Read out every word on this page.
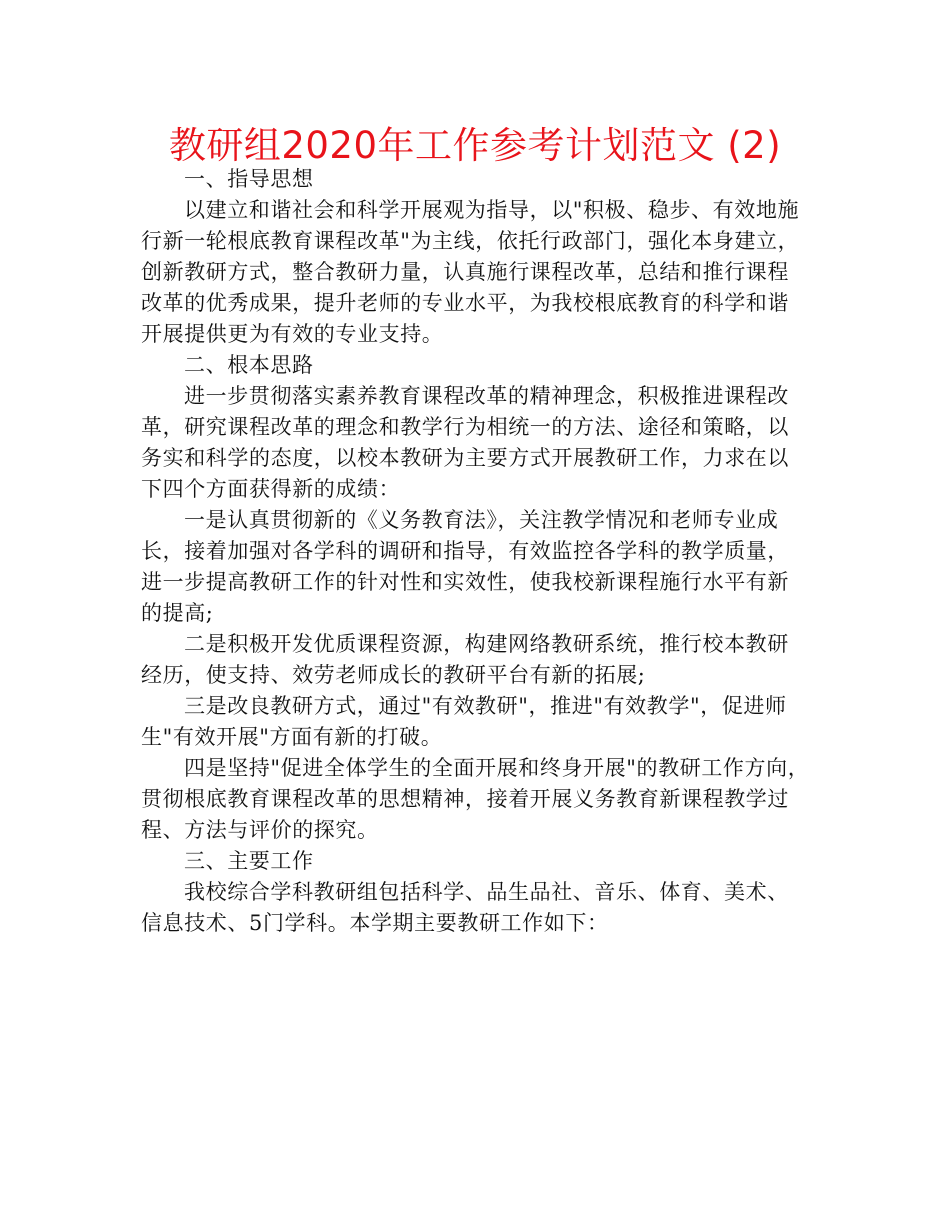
教研组2020年工作参考计划范文 (2)
一、指导思想
以建立和谐社会和科学开展观为指导，以"积极、稳步、有效地施
行新一轮根底教育课程改革"为主线，依托行政部门，强化本身建立，
创新教研方式，整合教研力量，认真施行课程改革，总结和推行课程
改革的优秀成果，提升老师的专业水平，为我校根底教育的科学和谐
开展提供更为有效的专业支持。
二、根本思路
进一步贯彻落实素养教育课程改革的精神理念，积极推进课程改
革，研究课程改革的理念和教学行为相统一的方法、途径和策略，以
务实和科学的态度，以校本教研为主要方式开展教研工作，力求在以
下四个方面获得新的成绩：
一是认真贯彻新的《义务教育法》，关注教学情况和老师专业成
长，接着加强对各学科的调研和指导，有效监控各学科的教学质量，
进一步提高教研工作的针对性和实效性，使我校新课程施行水平有新
的提高;
二是积极开发优质课程资源，构建网络教研系统，推行校本教研
经历，使支持、效劳老师成长的教研平台有新的拓展;
三是改良教研方式，通过"有效教研"，推进"有效教学"，促进师
生"有效开展"方面有新的打破。
四是坚持"促进全体学生的全面开展和终身开展"的教研工作方向，
贯彻根底教育课程改革的思想精神，接着开展义务教育新课程教学过
程、方法与评价的探究。
三、主要工作
我校综合学科教研组包括科学、品生品社、音乐、体育、美术、
信息技术、5门学科。本学期主要教研工作如下：
